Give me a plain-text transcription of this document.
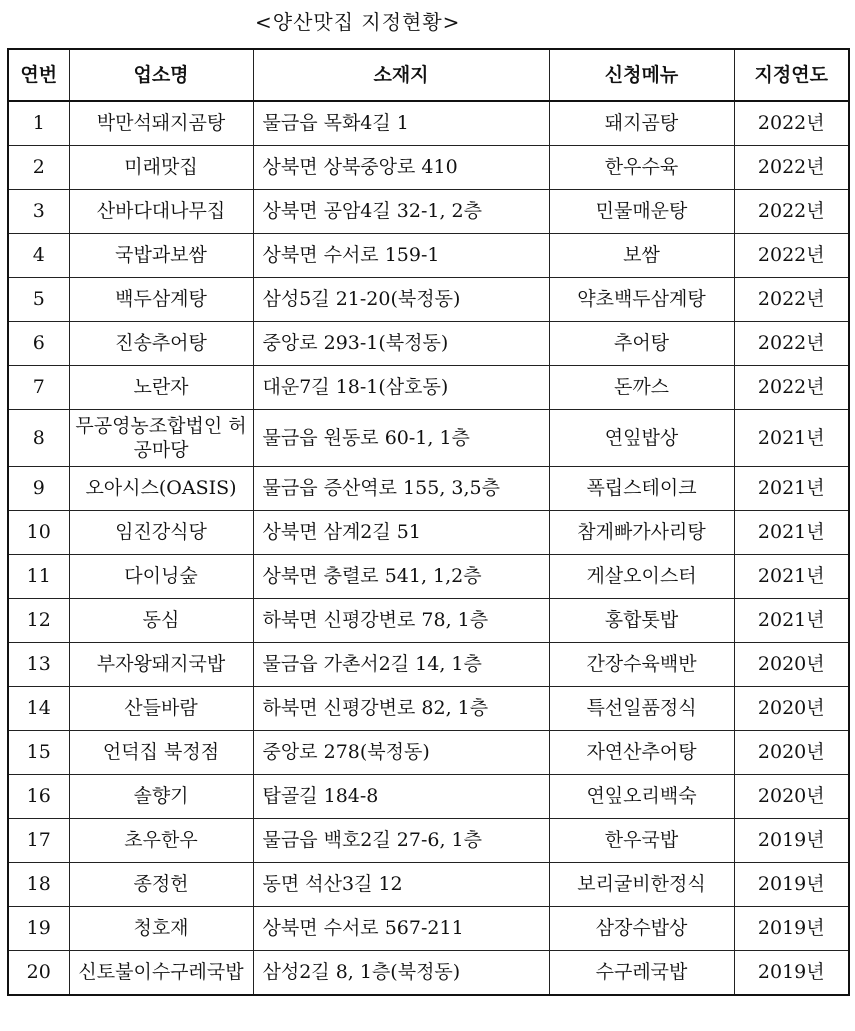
<양산맛집 지정현황>
연번	업소명	소재지	신청메뉴	지정연도
1	박만석돼지곰탕	물금읍 목화4길 1	돼지곰탕	2022년
2	미래맛집	상북면 상북중앙로 410	한우수육	2022년
3	산바다대나무집	상북면 공암4길 32-1, 2층	민물매운탕	2022년
4	국밥과보쌈	상북면 수서로 159-1	보쌈	2022년
5	백두삼계탕	삼성5길 21-20(북정동)	약초백두삼계탕	2022년
6	진송추어탕	중앙로 293-1(북정동)	추어탕	2022년
7	노란자	대운7길 18-1(삼호동)	돈까스	2022년
8	무공영농조합법인 허공마당	물금읍 원동로 60-1, 1층	연잎밥상	2021년
9	오아시스(OASIS)	물금읍 증산역로 155, 3,5층	폭립스테이크	2021년
10	임진강식당	상북면 삼계2길 51	참게빠가사리탕	2021년
11	다이닝숲	상북면 충렬로 541, 1,2층	게살오이스터	2021년
12	동심	하북면 신평강변로 78, 1층	홍합톳밥	2021년
13	부자왕돼지국밥	물금읍 가촌서2길 14, 1층	간장수육백반	2020년
14	산들바람	하북면 신평강변로 82, 1층	특선일품정식	2020년
15	언덕집 북정점	중앙로 278(북정동)	자연산추어탕	2020년
16	솔향기	탑골길 184-8	연잎오리백숙	2020년
17	초우한우	물금읍 백호2길 27-6, 1층	한우국밥	2019년
18	종정헌	동면 석산3길 12	보리굴비한정식	2019년
19	청호재	상북면 수서로 567-211	삼장수밥상	2019년
20	신토불이수구레국밥	삼성2길 8, 1층(북정동)	수구레국밥	2019년
